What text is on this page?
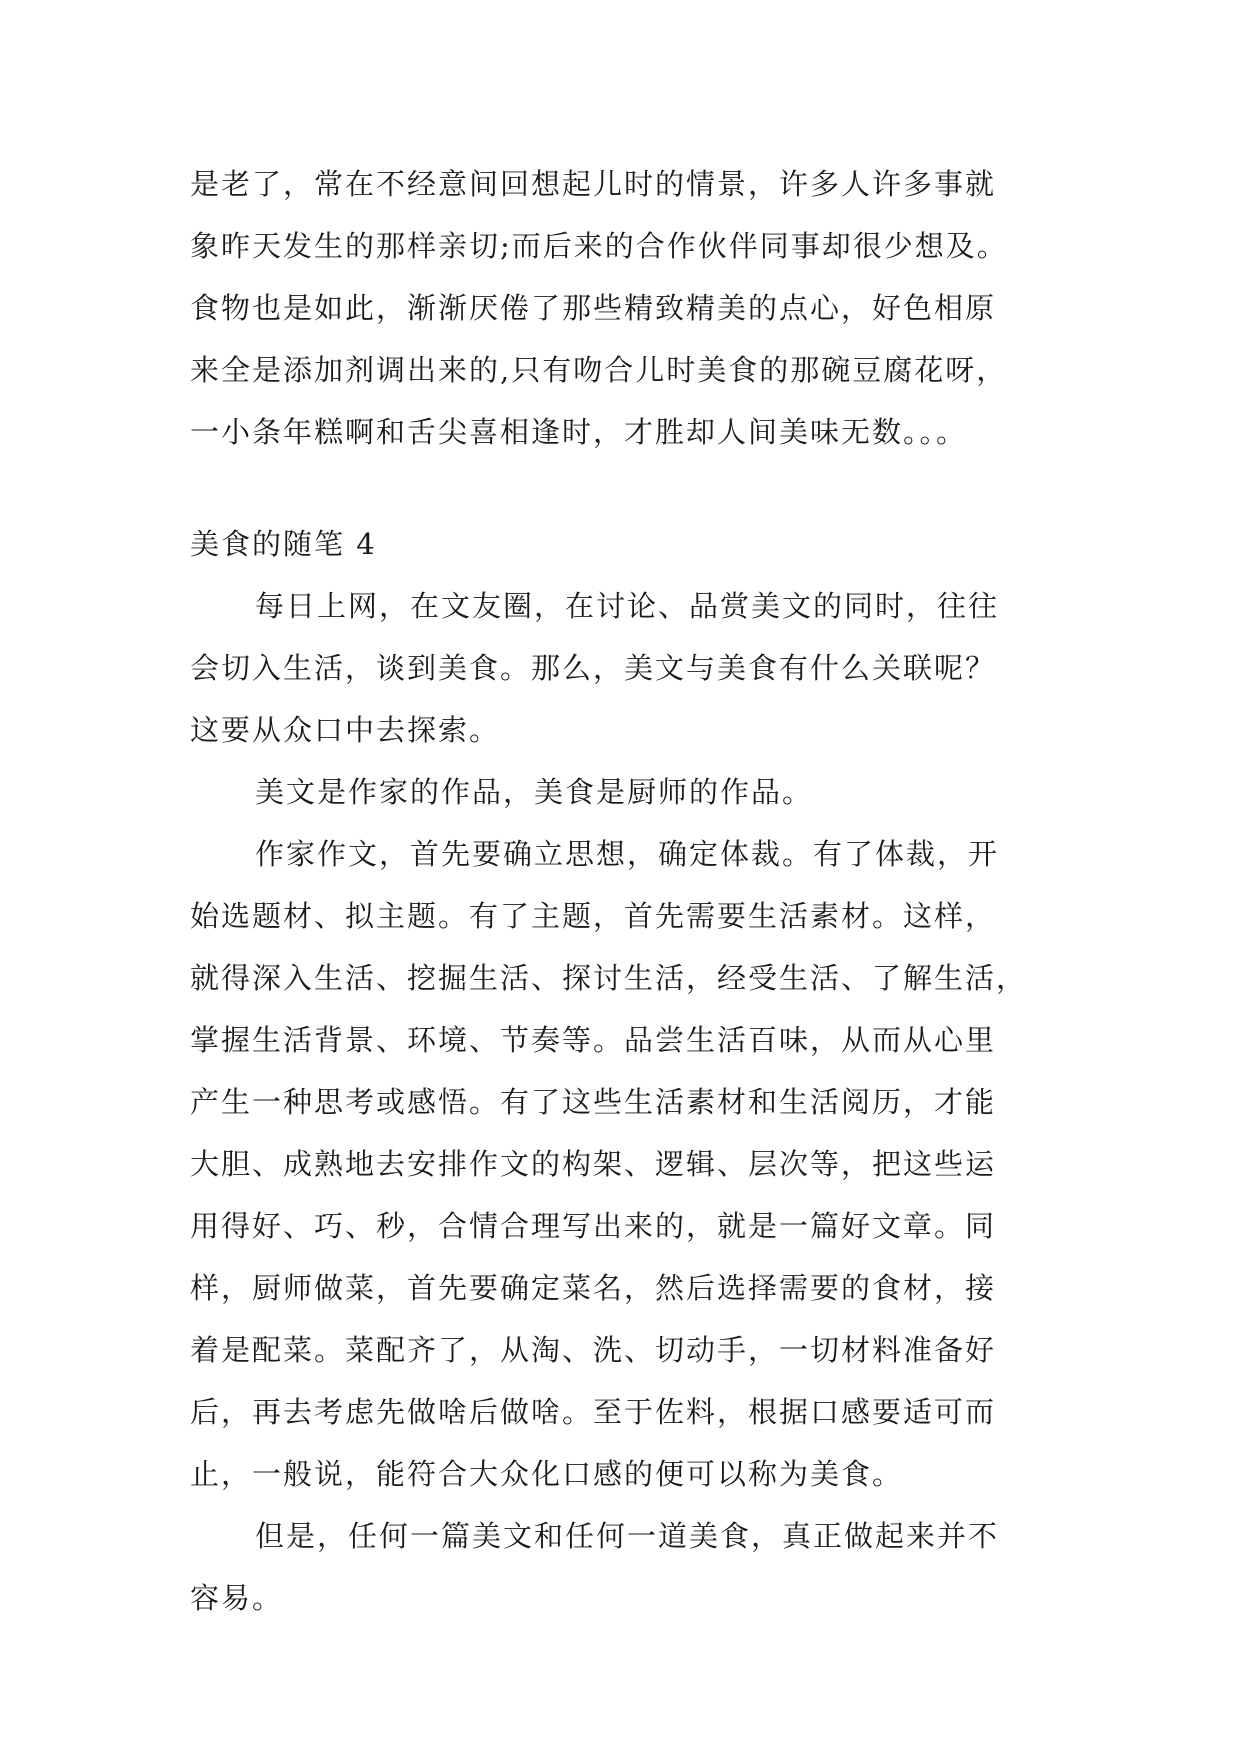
是老了，常在不经意间回想起儿时的情景，许多人许多事就
象昨天发生的那样亲切;而后来的合作伙伴同事却很少想及。
食物也是如此，渐渐厌倦了那些精致精美的点心，好色相原
来全是添加剂调出来的,只有吻合儿时美食的那碗豆腐花呀，
一小条年糕啊和舌尖喜相逢时，才胜却人间美味无数。。。
美食的随笔 4
每日上网，在文友圈，在讨论、品赏美文的同时，往往
会切入生活，谈到美食。那么，美文与美食有什么关联呢？
这要从众口中去探索。
美文是作家的作品，美食是厨师的作品。
作家作文，首先要确立思想，确定体裁。有了体裁，开
始选题材、拟主题。有了主题，首先需要生活素材。这样，
就得深入生活、挖掘生活、探讨生活，经受生活、了解生活，
掌握生活背景、环境、节奏等。品尝生活百味，从而从心里
产生一种思考或感悟。有了这些生活素材和生活阅历，才能
大胆、成熟地去安排作文的构架、逻辑、层次等，把这些运
用得好、巧、秒，合情合理写出来的，就是一篇好文章。同
样，厨师做菜，首先要确定菜名，然后选择需要的食材，接
着是配菜。菜配齐了，从淘、洗、切动手，一切材料准备好
后，再去考虑先做啥后做啥。至于佐料，根据口感要适可而
止，一般说，能符合大众化口感的便可以称为美食。
但是，任何一篇美文和任何一道美食，真正做起来并不
容易。
